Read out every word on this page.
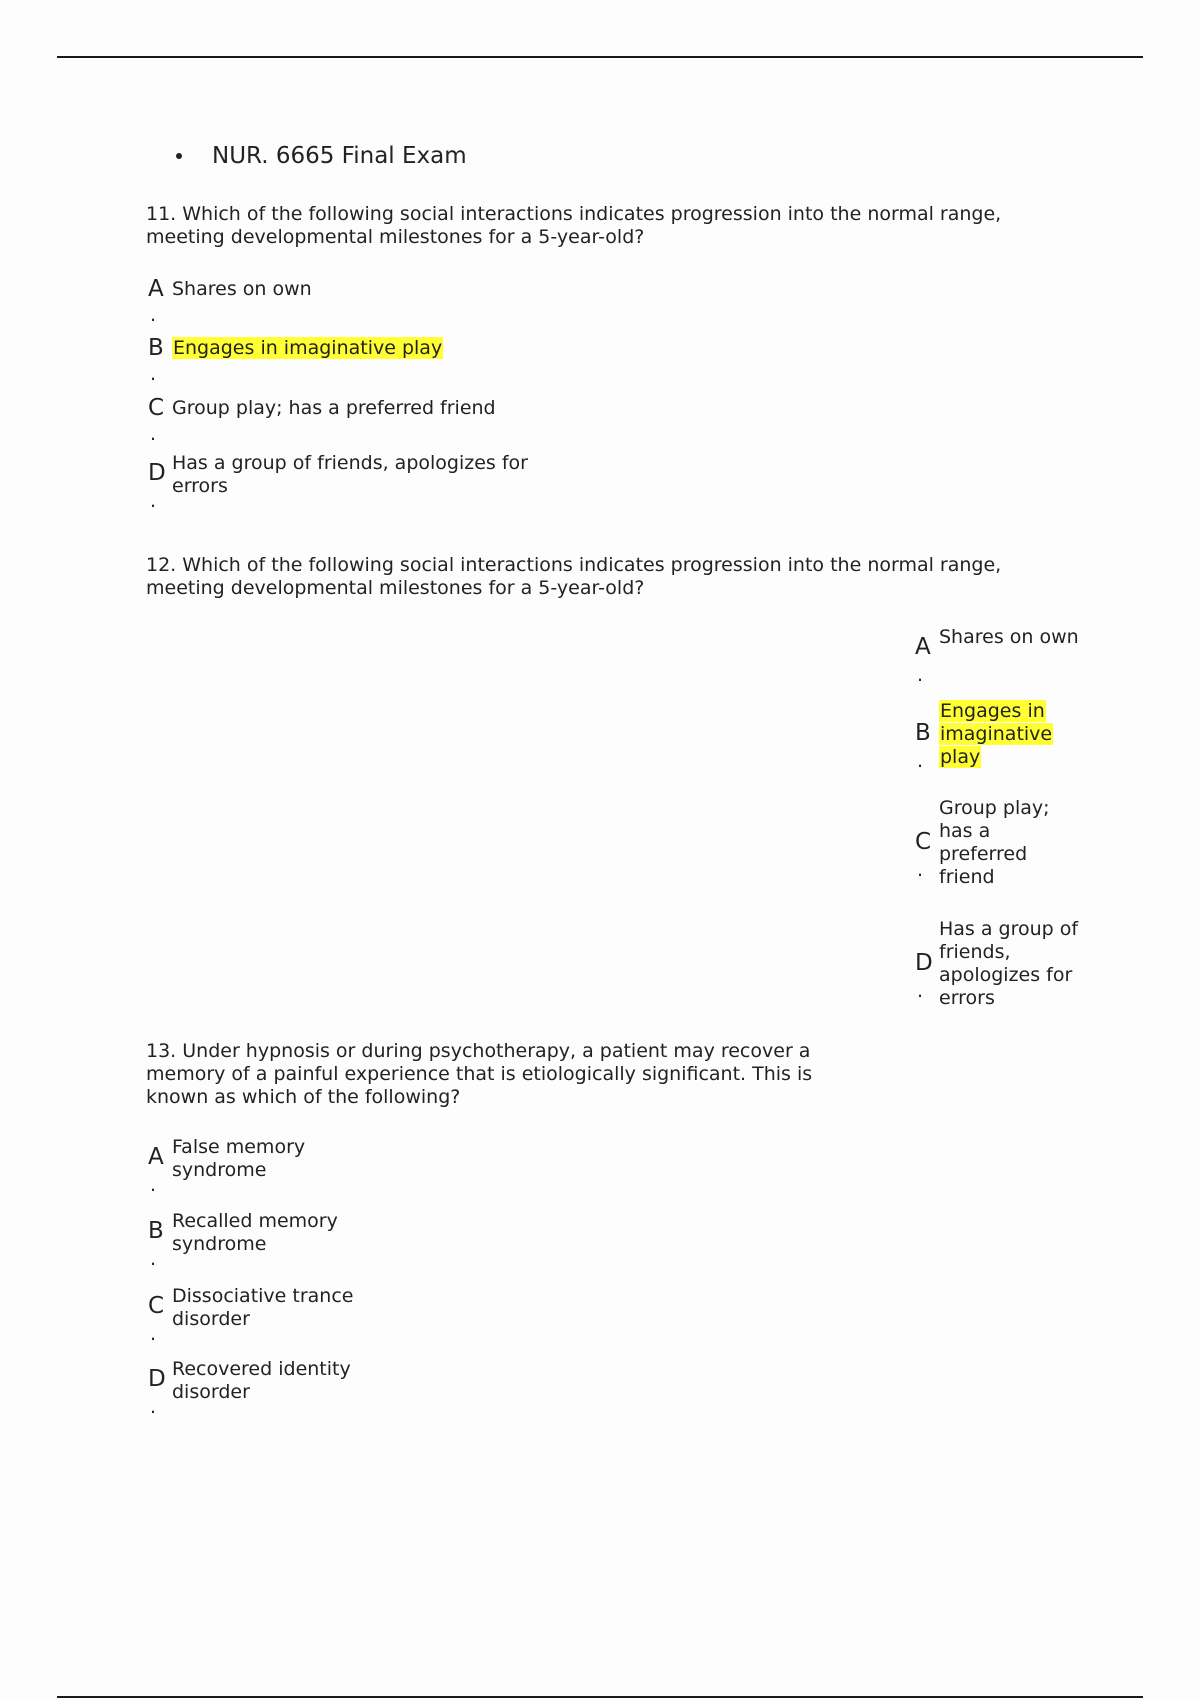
NUR. 6665 Final Exam
11. Which of the following social interactions indicates progression into the normal range, meeting developmental milestones for a 5-year-old?
A
.
Shares on own
B
.
Engages in imaginative play
C
.
Group play; has a preferred friend
D
.
Has a group of friends, apologizes for errors
12. Which of the following social interactions indicates progression into the normal range, meeting developmental milestones for a 5-year-old?
A
.
Shares on own
B
.
Engages in imaginative play
C
.
Group play; has a preferred friend
D
.
Has a group of friends, apologizes for errors
13. Under hypnosis or during psychotherapy, a patient may recover a memory of a painful experience that is etiologically significant. This is known as which of the following?
A
.
False memory syndrome
B
.
Recalled memory syndrome
C
.
Dissociative trance disorder
D
.
Recovered identity disorder
